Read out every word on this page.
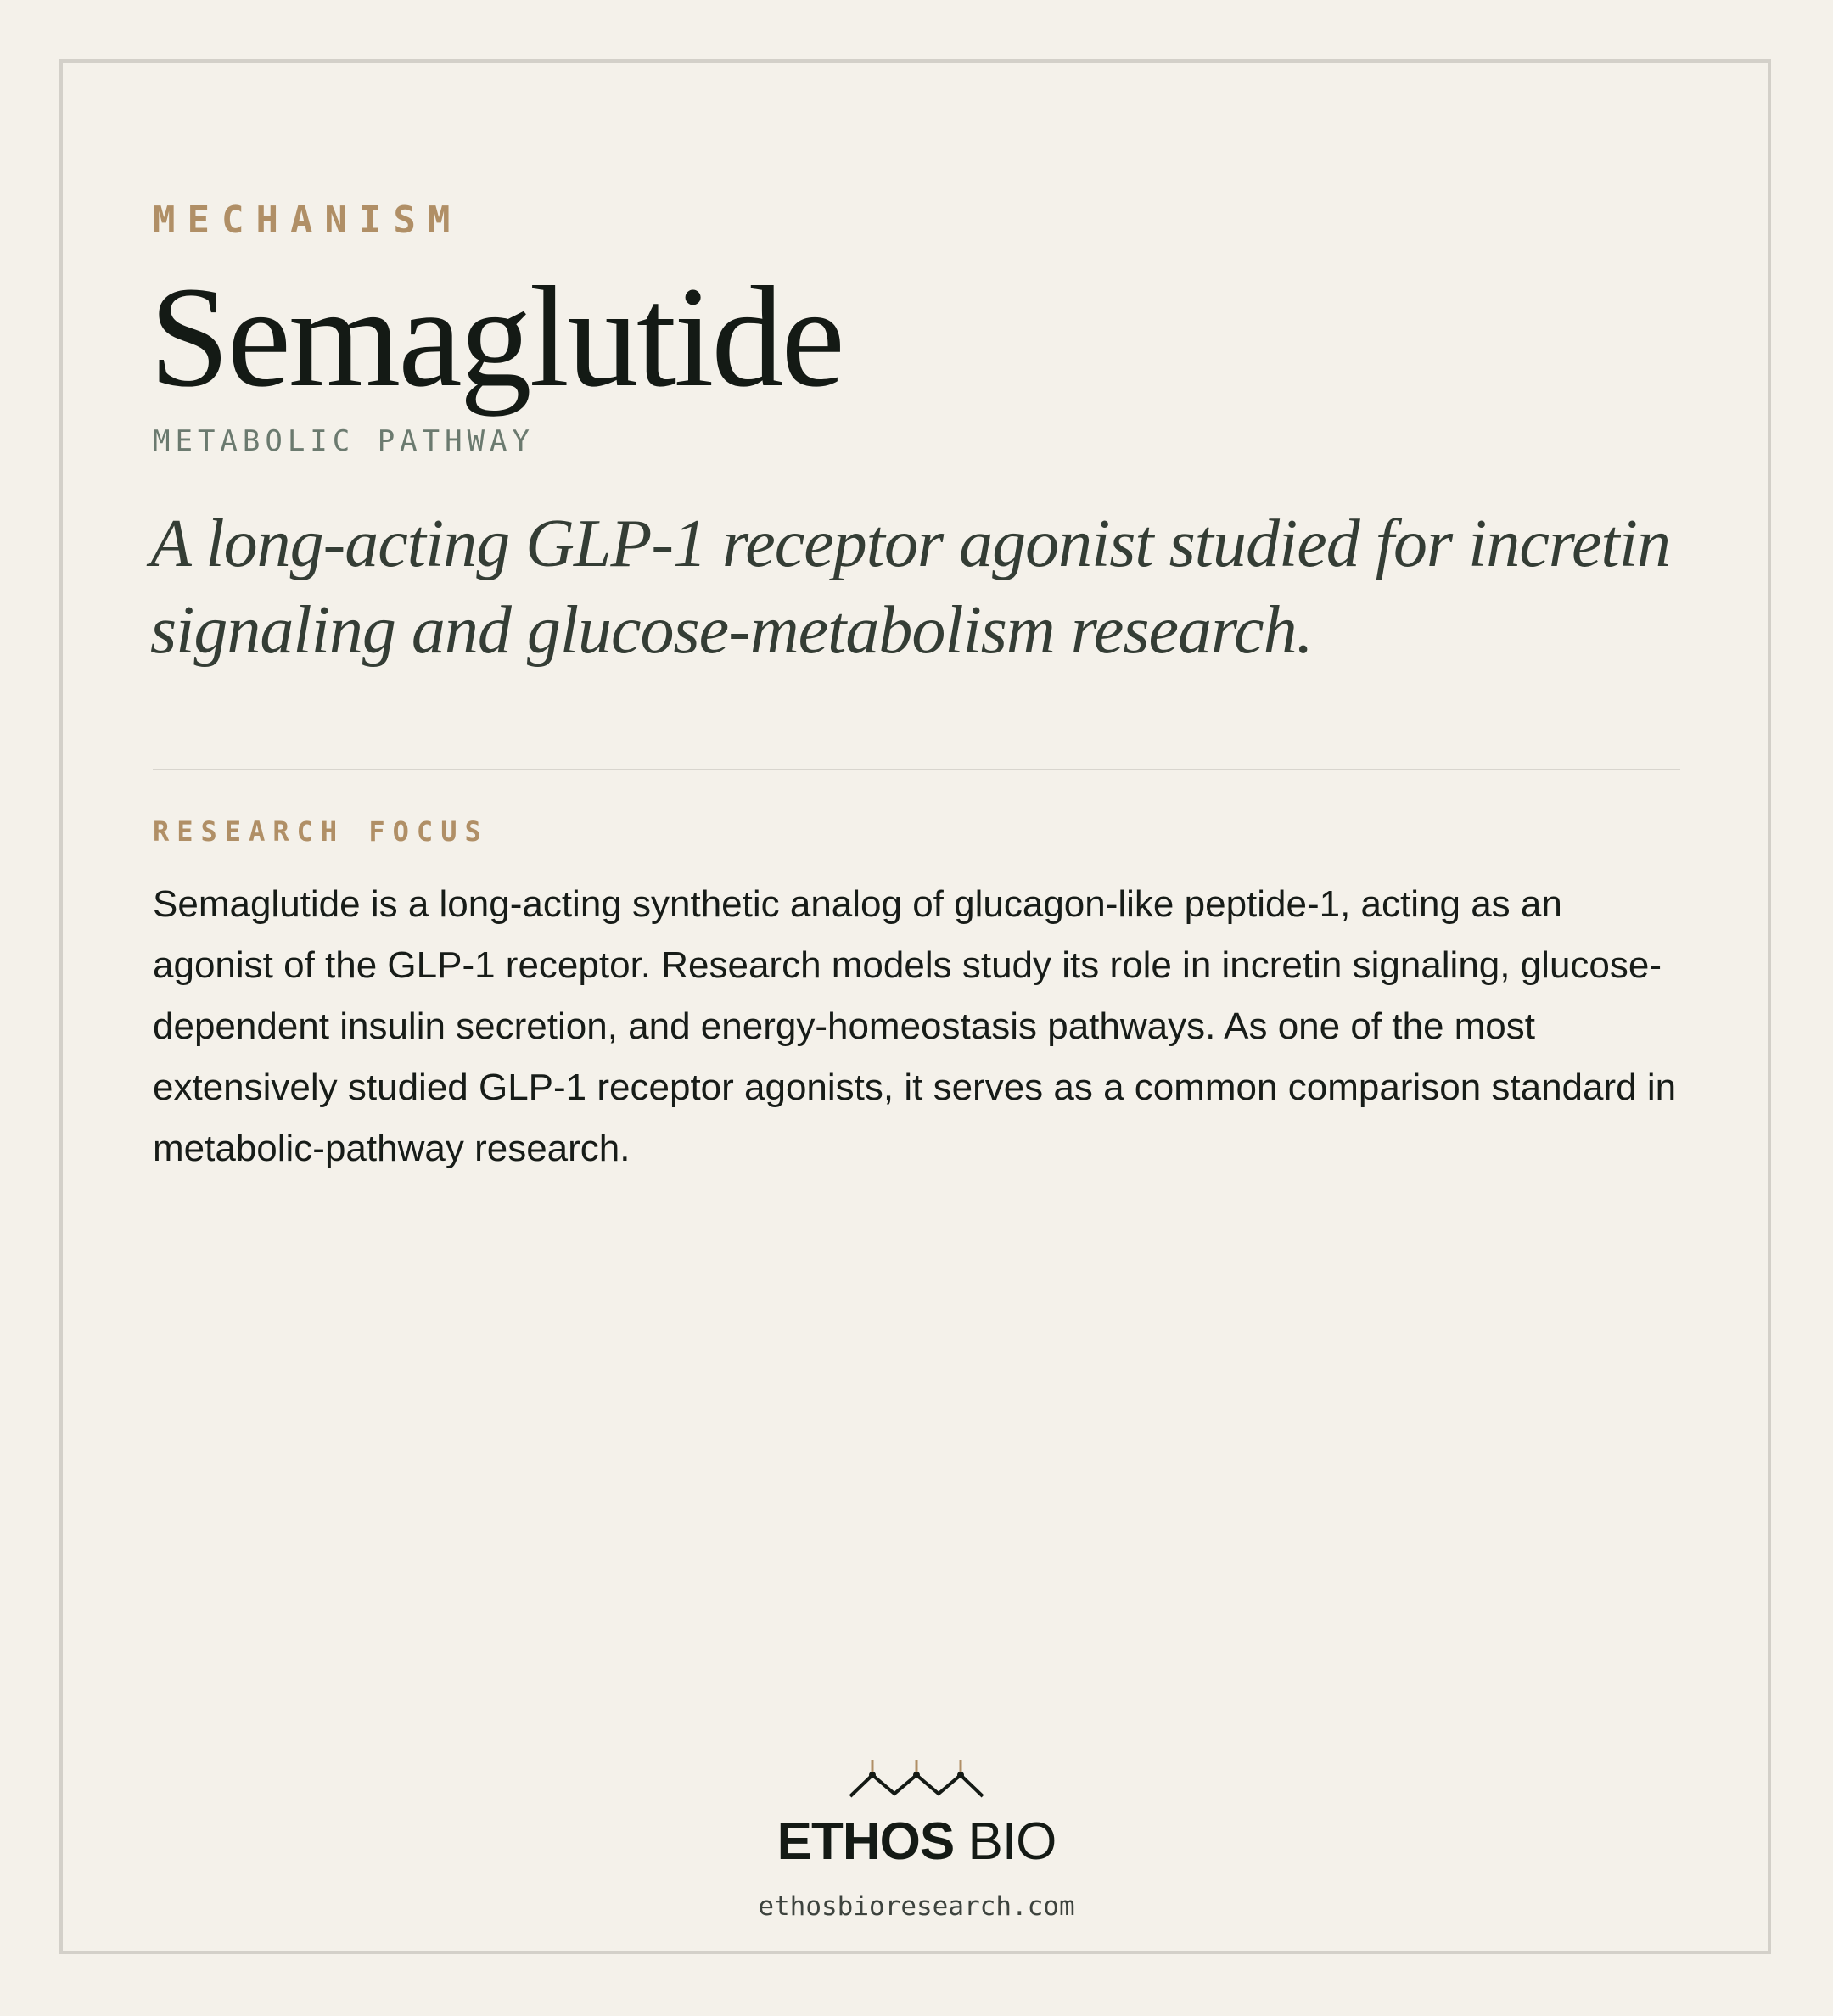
MECHANISM
Semaglutide
METABOLIC PATHWAY
A long-acting GLP-1 receptor agonist studied for incretin signaling and glucose-metabolism research.
RESEARCH FOCUS
Semaglutide is a long-acting synthetic analog of glucagon-like peptide-1, acting as an agonist of the GLP-1 receptor. Research models study its role in incretin signaling, glucose-dependent insulin secretion, and energy-homeostasis pathways. As one of the most extensively studied GLP-1 receptor agonists, it serves as a common comparison standard in metabolic-pathway research.
ETHOS BIO
ethosbioresearch.com
